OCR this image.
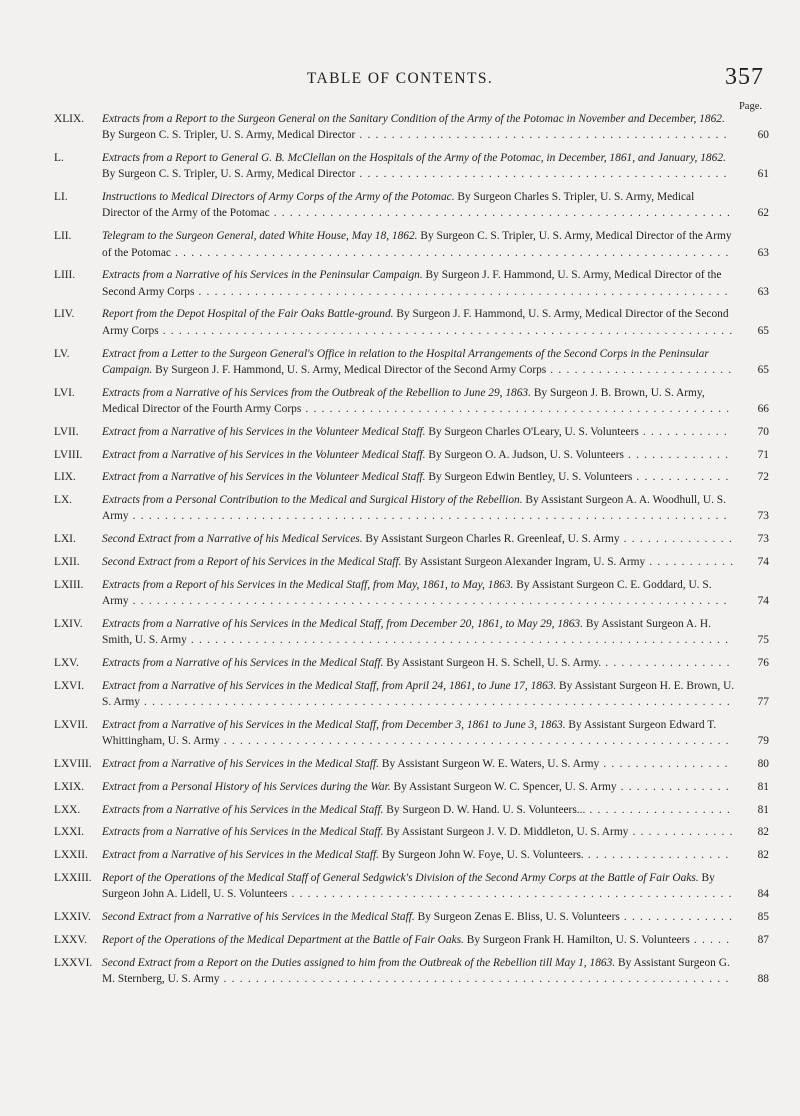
TABLE OF CONTENTS.	357
Page.
XLIX.	Extracts from a Report to the Surgeon General on the Sanitary Condition of the Army of the Potomac in November and December, 1862. By Surgeon C. S. Tripler, U. S. Army, Medical Director . . . . . . . . . . . . . . . . . . . . . . . . . . . . . . . . . . . . . . . . . . . . . .	60
L.	Extracts from a Report to General G. B. McClellan on the Hospitals of the Army of the Potomac, in December, 1861, and January, 1862. By Surgeon C. S. Tripler, U. S. Army, Medical Director . . . . . . . . . . . . . . . . . . . . . . . . . . . . . . . . . . . . . . . . . . . . . .	61
LI.	Instructions to Medical Directors of Army Corps of the Army of the Potomac. By Surgeon Charles S. Tripler, U. S. Army, Medical Director of the Army of the Potomac . . . . . . . . . . . . . . . . . . . . . . . . . . . . . . . . . . . . . . . . . . . . . . . . . . . . . . . . .	62
LII.	Telegram to the Surgeon General, dated White House, May 18, 1862. By Surgeon C. S. Tripler, U. S. Army, Medical Director of the Army of the Potomac . . . . . . . . . . . . . . . . . . . . . . . . . . . . . . . . . . . . . . . . . . . . . . . . . . . . . . . . . . . . . . . . . . . . .	63
LIII.	Extracts from a Narrative of his Services in the Peninsular Campaign. By Surgeon J. F. Hammond, U. S. Army, Medical Director of the Second Army Corps . . . . . . . . . . . . . . . . . . . . . . . . . . . . . . . . . . . . . . . . . . . . . . . . . . . . . . . . . . . . . . . . . .	63
LIV.	Report from the Depot Hospital of the Fair Oaks Battle-ground. By Surgeon J. F. Hammond, U. S. Army, Medical Director of the Second Army Corps . . . . . . . . . . . . . . . . . . . . . . . . . . . . . . . . . . . . . . . . . . . . . . . . . . . . . . . . . . . . . . . . . . . . . . .	65
LV.	Extract from a Letter to the Surgeon General's Office in relation to the Hospital Arrangements of the Second Corps in the Peninsular Campaign. By Surgeon J. F. Hammond, U. S. Army, Medical Director of the Second Army Corps . . . . . . . . . . . . . . . . . . . . . . .	65
LVI.	Extracts from a Narrative of his Services from the Outbreak of the Rebellion to June 29, 1863. By Surgeon J. B. Brown, U. S. Army, Medical Director of the Fourth Army Corps . . . . . . . . . . . . . . . . . . . . . . . . . . . . . . . . . . . . . . . . . . . . . . . . . . . . .	66
LVII.	Extract from a Narrative of his Services in the Volunteer Medical Staff. By Surgeon Charles O'Leary, U. S. Volunteers . . . . . . . . . . .	70
LVIII.	Extract from a Narrative of his Services in the Volunteer Medical Staff. By Surgeon O. A. Judson, U. S. Volunteers . . . . . . . . . . . . .	71
LIX.	Extract from a Narrative of his Services in the Volunteer Medical Staff. By Surgeon Edwin Bentley, U. S. Volunteers . . . . . . . . . . . .	72
LX.	Extracts from a Personal Contribution to the Medical and Surgical History of the Rebellion. By Assistant Surgeon A. A. Woodhull, U. S. Army . . . . . . . . . . . . . . . . . . . . . . . . . . . . . . . . . . . . . . . . . . . . . . . . . . . . . . . . . . . . . . . . . . . . . . . . . .	73
LXI.	Second Extract from a Narrative of his Medical Services. By Assistant Surgeon Charles R. Greenleaf, U. S. Army . . . . . . . . . . . . . .	73
LXII.	Second Extract from a Report of his Services in the Medical Staff. By Assistant Surgeon Alexander Ingram, U. S. Army . . . . . . . . . . .	74
LXIII.	Extracts from a Report of his Services in the Medical Staff, from May, 1861, to May, 1863. By Assistant Surgeon C. E. Goddard, U. S. Army . . . . . . . . . . . . . . . . . . . . . . . . . . . . . . . . . . . . . . . . . . . . . . . . . . . . . . . . . . . . . . . . . . . . . . . . . .	74
LXIV.	Extracts from a Narrative of his Services in the Medical Staff, from December 20, 1861, to May 29, 1863. By Assistant Surgeon A. H. Smith, U. S. Army . . . . . . . . . . . . . . . . . . . . . . . . . . . . . . . . . . . . . . . . . . . . . . . . . . . . . . . . . . . . . . . . . . .	75
LXV.	Extracts from a Narrative of his Services in the Medical Staff. By Assistant Surgeon H. S. Schell, U. S. Army. . . . . . . . . . . . . . . . .	76
LXVI.	Extract from a Narrative of his Services in the Medical Staff, from April 24, 1861, to June 17, 1863. By Assistant Surgeon H. E. Brown, U. S. Army . . . . . . . . . . . . . . . . . . . . . . . . . . . . . . . . . . . . . . . . . . . . . . . . . . . . . . . . . . . . . . . . . . . . . . . . .	77
LXVII.	Extract from a Narrative of his Services in the Medical Staff, from December 3, 1861 to June 3, 1863. By Assistant Surgeon Edward T. Whittingham, U. S. Army . . . . . . . . . . . . . . . . . . . . . . . . . . . . . . . . . . . . . . . . . . . . . . . . . . . . . . . . . . . . . . .	79
LXVIII. Extract from a Narrative of his Services in the Medical Staff. By Assistant Surgeon W. E. Waters, U. S. Army . . . . . . . . . . . . . . . .	80
LXIX.	Extract from a Personal History of his Services during the War. By Assistant Surgeon W. C. Spencer, U. S. Army . . . . . . . . . . . . . .	81
LXX.	Extracts from a Narrative of his Services in the Medical Staff. By Surgeon D. W. Hand. U. S. Volunteers... . . . . . . . . . . . . . . . . . .	81
LXXI.	Extracts from a Narrative of his Services in the Medical Staff. By Assistant Surgeon J. V. D. Middleton, U. S. Army . . . . . . . . . . . . .	82
LXXII.	Extract from a Narrative of his Services in the Medical Staff. By Surgeon John W. Foye, U. S. Volunteers. . . . . . . . . . . . . . . . . . .	82
LXXIII. Report of the Operations of the Medical Staff of General Sedgwick's Division of the Second Army Corps at the Battle of Fair Oaks. By Surgeon John A. Lidell, U. S. Volunteers . . . . . . . . . . . . . . . . . . . . . . . . . . . . . . . . . . . . . . . . . . . . . . . . . . . . . . .	84
LXXIV. Second Extract from a Narrative of his Services in the Medical Staff. By Surgeon Zenas E. Bliss, U. S. Volunteers . . . . . . . . . . . . . .	85
LXXV.	Report of the Operations of the Medical Department at the Battle of Fair Oaks. By Surgeon Frank H. Hamilton, U. S. Volunteers . . . . .	87
LXXVI. Second Extract from a Report on the Duties assigned to him from the Outbreak of the Rebellion till May 1, 1863. By Assistant Surgeon G. M. Sternberg, U. S. Army . . . . . . . . . . . . . . . . . . . . . . . . . . . . . . . . . . . . . . . . . . . . . . . . . . . . . . . . . . . . . . .	88
